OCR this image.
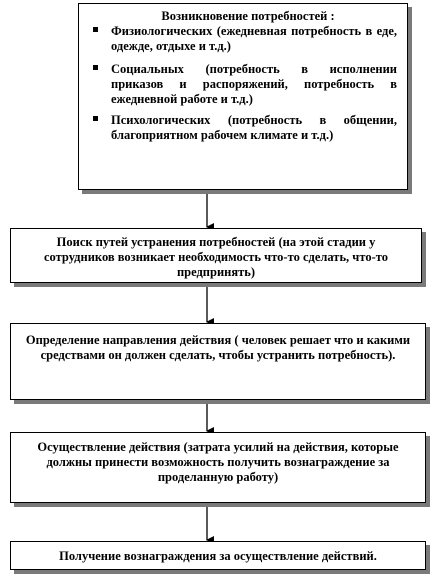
Возникновение потребностей :
Физиологических (ежедневная потребность в еде, одежде, отдыхе и т.д.)
Социальных (потребность в исполнении приказов и распоряжений, потребность в ежедневной работе и т.д.)
Психологических (потребность в общении, благоприятном рабочем климате и т.д.)
Поиск путей устранения потребностей (на этой стадии у сотрудников возникает необходимость что-то сделать, что-то предпринять)
Определение направления действия ( человек решает что и какими средствами он должен сделать, чтобы устранить потребность).
Осуществление действия (затрата усилий на действия, которые должны принести возможность получить вознаграждение за проделанную работу)
Получение вознаграждения за осуществление действий.
